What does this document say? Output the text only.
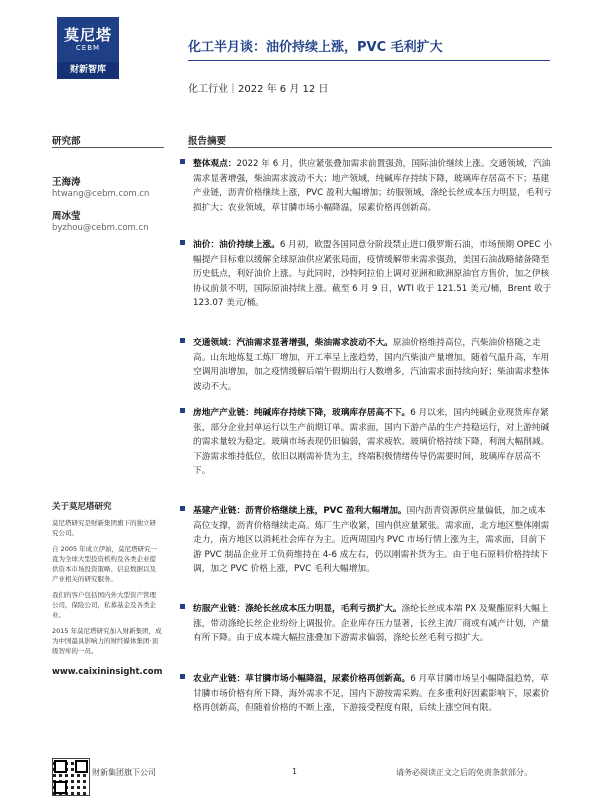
莫尼塔
CEBM
财新智库
化工半月谈：油价持续上涨，PVC 毛利扩大
化工行业｜2022 年 6 月 12 日
研究部	报告摘要
王海涛
htwang@cebm.com.cn
周冰莹
byzhou@cebm.com.cn
关于莫尼塔研究

莫尼塔研究是财新集团旗下的独立研究公司。

自 2005 年成立伊始，莫尼塔研究一直为全球大型投资机构及各类企业提供资本市场投资策略、信息数据以及产业相关的研究服务。

我们的客户包括国内外大型资产管理公司，保险公司，私募基金及各类企业。

2015 年莫尼塔研究加入财新集团，成为中国最具影响力的财经媒体集团·顶级智库的一员。

www.caixininsight.com
整体观点：2022 年 6 月，供应紧张叠加需求前置强劲，国际油价继续上涨。交通领域，汽油需求显著增强，柴油需求波动不大；地产领域，纯碱库存持续下降，玻璃库存居高不下；基建产业链，沥青价格继续上涨，PVC 盈利大幅增加；纺服领域，涤纶长丝成本压力明显，毛利亏损扩大；农业领域，草甘膦市场小幅降温，尿素价格再创新高。
油价：油价持续上涨。6 月初，欧盟各国同意分阶段禁止进口俄罗斯石油，市场预期 OPEC 小幅提产目标难以缓解全球原油供应紧张局面，疫情缓解带来需求强劲，美国石油战略储备降至历史低点，利好油价上涨。与此同时，沙特阿拉伯上调对亚洲和欧洲原油官方售价，加之伊核协议前景不明，国际原油持续上涨。截至 6 月 9 日，WTI 收于 121.51 美元/桶，Brent 收于 123.07 美元/桶。
交通领域：汽油需求显著增强，柴油需求波动不大。原油价格维持高位，汽柴油价格随之走高。山东地炼复工炼厂增加，开工率呈上涨趋势，国内汽柴油产量增加。随着气温升高，车用空调用油增加，加之疫情缓解后端午假期出行人数增多，汽油需求面持续向好；柴油需求整体波动不大。
房地产产业链：纯碱库存持续下降，玻璃库存居高不下。6 月以来，国内纯碱企业现货库存紧张，部分企业封单运行以生产前期订单。需求面，国内下游产品的生产持稳运行，对上游纯碱的需求量较为稳定。玻璃市场表现仍旧偏弱，需求疲软。玻璃价格持续下降，利润大幅削减。下游需求维持低位，依旧以刚需补货为主，终端积极情绪传导仍需要时间，玻璃库存居高不下。
基建产业链：沥青价格继续上涨，PVC 盈利大幅增加。国内沥青资源供应量偏低，加之成本高位支撑，沥青价格继续走高。炼厂生产收紧，国内供应量紧张。需求面，北方地区整体刚需走力，南方地区以消耗社会库存为主。近两周国内 PVC 市场行情上涨为主，需求面，目前下游 PVC 制品企业开工负荷维持在 4-6 成左右，仍以刚需补货为主。由于电石原料价格持续下调，加之 PVC 价格上涨，PVC 毛利大幅增加。
纺服产业链：涤纶长丝成本压力明显，毛利亏损扩大。涤纶长丝成本端 PX 及聚酯原料大幅上涨，带动涤纶长丝企业纷纷上调报价。企业库存压力显著，长丝主流厂商或有减产计划，产量有所下降。由于成本端大幅拉涨叠加下游需求偏弱，涤纶长丝毛利亏损扩大。
农业产业链：草甘膦市场小幅降温，尿素价格再创新高。6 月草甘膦市场呈小幅降温趋势，草甘膦市场价格有所下降，海外需求不足，国内下游按需采购。在多重利好因素影响下，尿素价格再创新高，但随着价格的不断上涨，下游接受程度有限，后续上涨空间有限。
财新集团旗下公司	1	请务必阅读正文之后的免责条款部分。
